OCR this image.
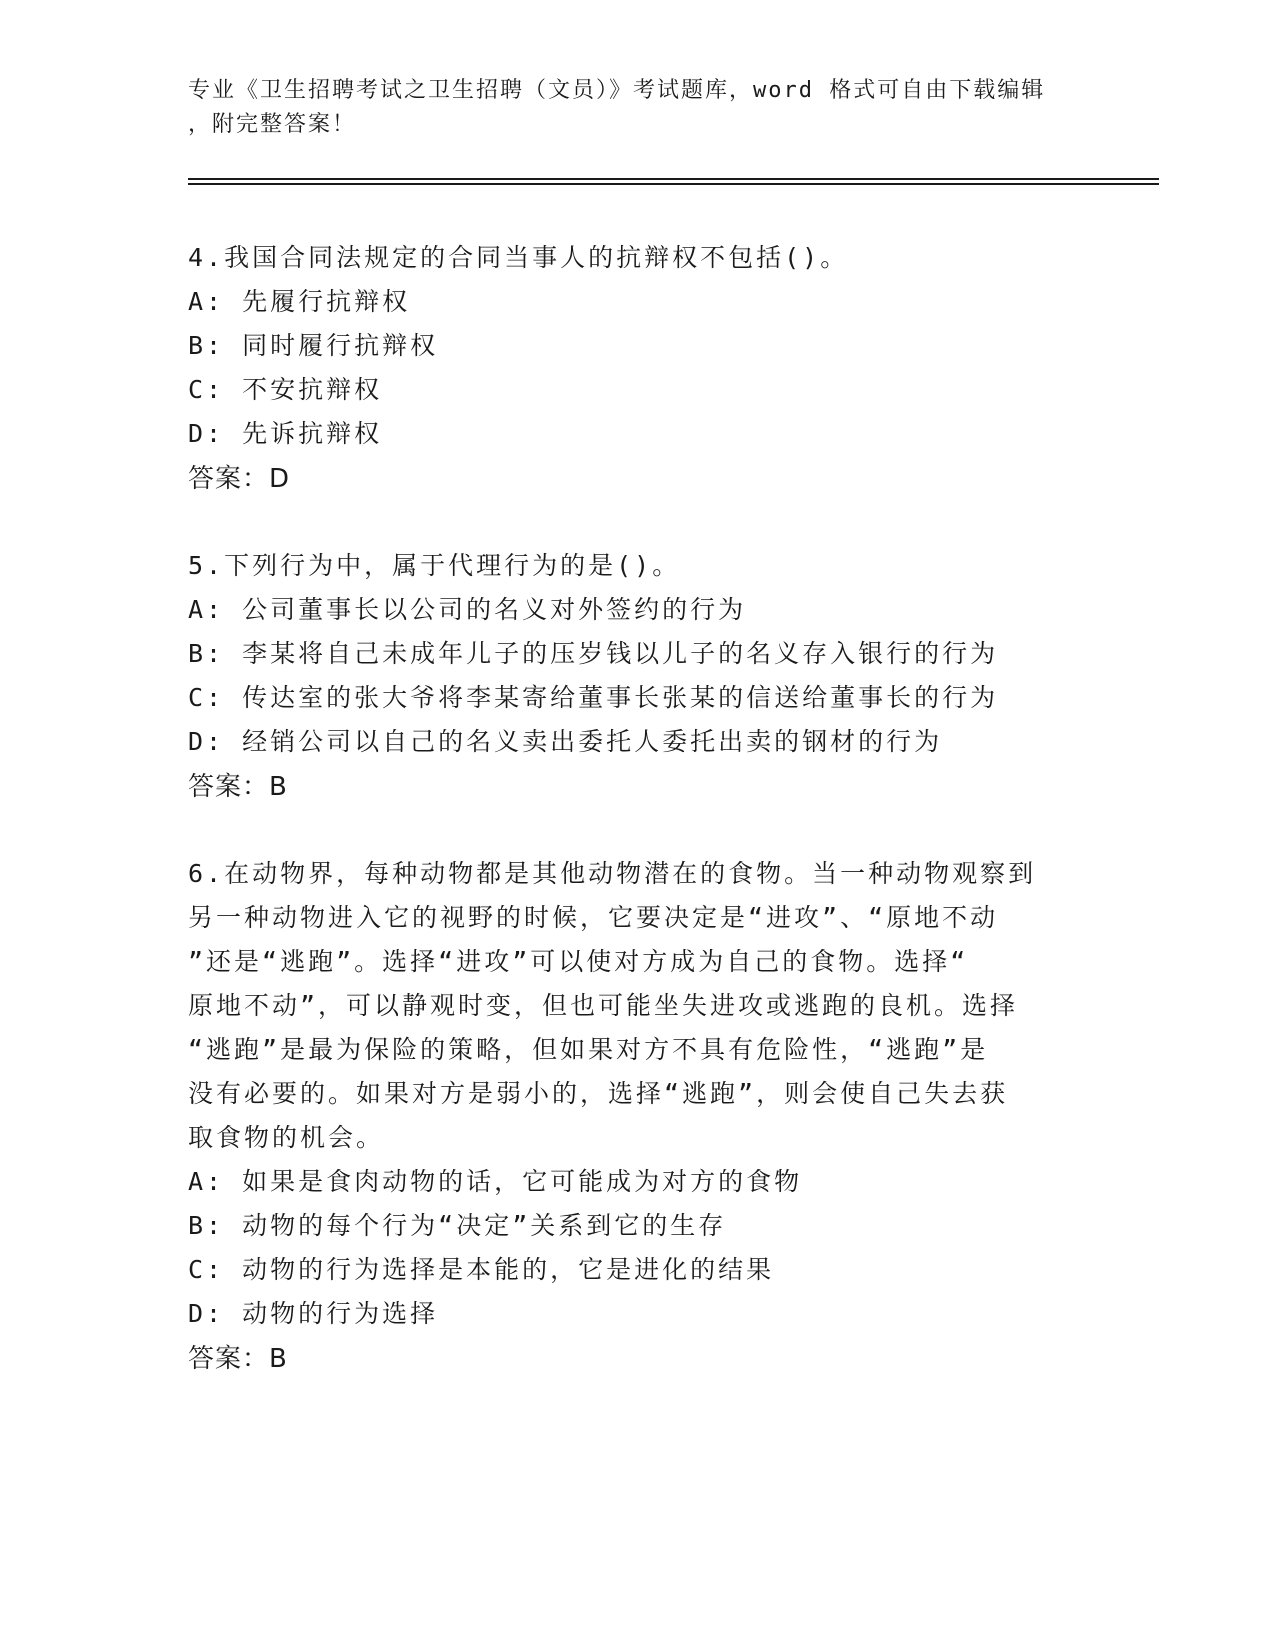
专业《卫生招聘考试之卫生招聘（文员）》考试题库，word 格式可自由下载编辑
，附完整答案！
4.我国合同法规定的合同当事人的抗辩权不包括()。
A: 先履行抗辩权
B: 同时履行抗辩权
C: 不安抗辩权
D: 先诉抗辩权
答案：D
5.下列行为中，属于代理行为的是()。
A: 公司董事长以公司的名义对外签约的行为
B: 李某将自己未成年儿子的压岁钱以儿子的名义存入银行的行为
C: 传达室的张大爷将李某寄给董事长张某的信送给董事长的行为
D: 经销公司以自己的名义卖出委托人委托出卖的钢材的行为
答案：B
6.在动物界，每种动物都是其他动物潜在的食物。当一种动物观察到
另一种动物进入它的视野的时候，它要决定是“进攻”、“原地不动
”还是“逃跑”。选择“进攻”可以使对方成为自己的食物。选择“
原地不动”，可以静观时变，但也可能坐失进攻或逃跑的良机。选择
“逃跑”是最为保险的策略，但如果对方不具有危险性，“逃跑”是
没有必要的。如果对方是弱小的，选择“逃跑”，则会使自己失去获
取食物的机会。
A: 如果是食肉动物的话，它可能成为对方的食物
B: 动物的每个行为“决定”关系到它的生存
C: 动物的行为选择是本能的，它是进化的结果
D: 动物的行为选择
答案：B
